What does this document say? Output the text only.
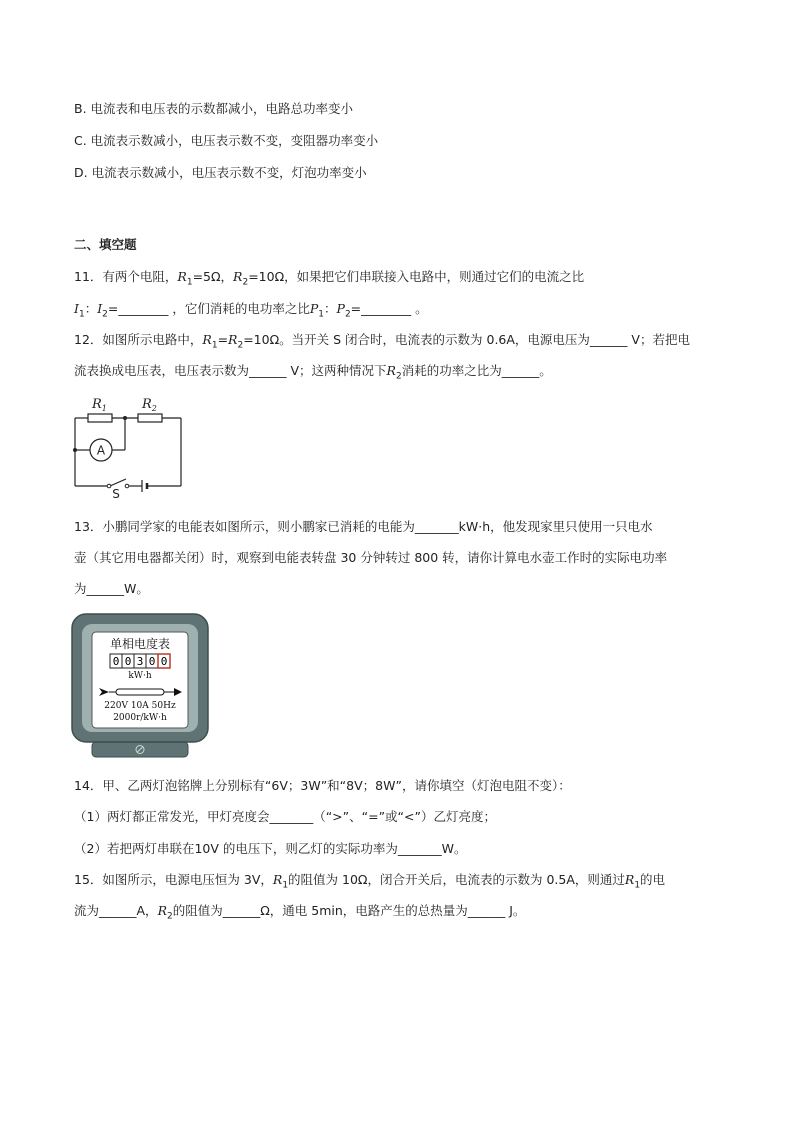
B. 电流表和电压表的示数都减小，电路总功率变小
C. 电流表示数减小，电压表示数不变，变阻器功率变小
D. 电流表示数减小，电压表示数不变，灯泡功率变小
二、填空题
11．有两个电阻，$R_1=5\Omega$，$R_2=10\Omega$，如果把它们串联接入电路中，则通过它们的电流之比
$I_1$：$I_2=\_\_\_\_\_\_\_\_$ ，它们消耗的电功率之比$P_1$：$P_2=\_\_\_\_\_\_\_\_$ 。
12．如图所示电路中，$R_1=R_2=10\Omega$。当开关 S 闭合时，电流表的示数为 0.6A，电源电压为______ V；若把电
流表换成电压表，电压表示数为______ V；这两种情况下$R_2$消耗的功率之比为______。
$R_1$	$R_2$
A
S
13．小鹏同学家的电能表如图所示，则小鹏家已消耗的电能为_______kW·h，他发现家里只使用一只电水
壶（其它用电器都关闭）时，观察到电能表转盘 30 分钟转过 800 转，请你计算电水壶工作时的实际电功率
为______W。
单相电度表
0 0 3 0 0
kW·h
220V 10A 50Hz
2000r/kW·h
14．甲、乙两灯泡铭牌上分别标有“6V；3W”和“8V；8W”，请你填空（灯泡电阻不变）：
（1）两灯都正常发光，甲灯亮度会_______（“>”、“=”或“<”）乙灯亮度；
（2）若把两灯串联在10V 的电压下，则乙灯的实际功率为_______W。
15．如图所示，电源电压恒为 3V，$R_1$的阻值为 10Ω，闭合开关后，电流表的示数为 0.5A，则通过$R_1$的电
流为______A，$R_2$的阻值为______Ω，通电 5min，电路产生的总热量为______ J。
